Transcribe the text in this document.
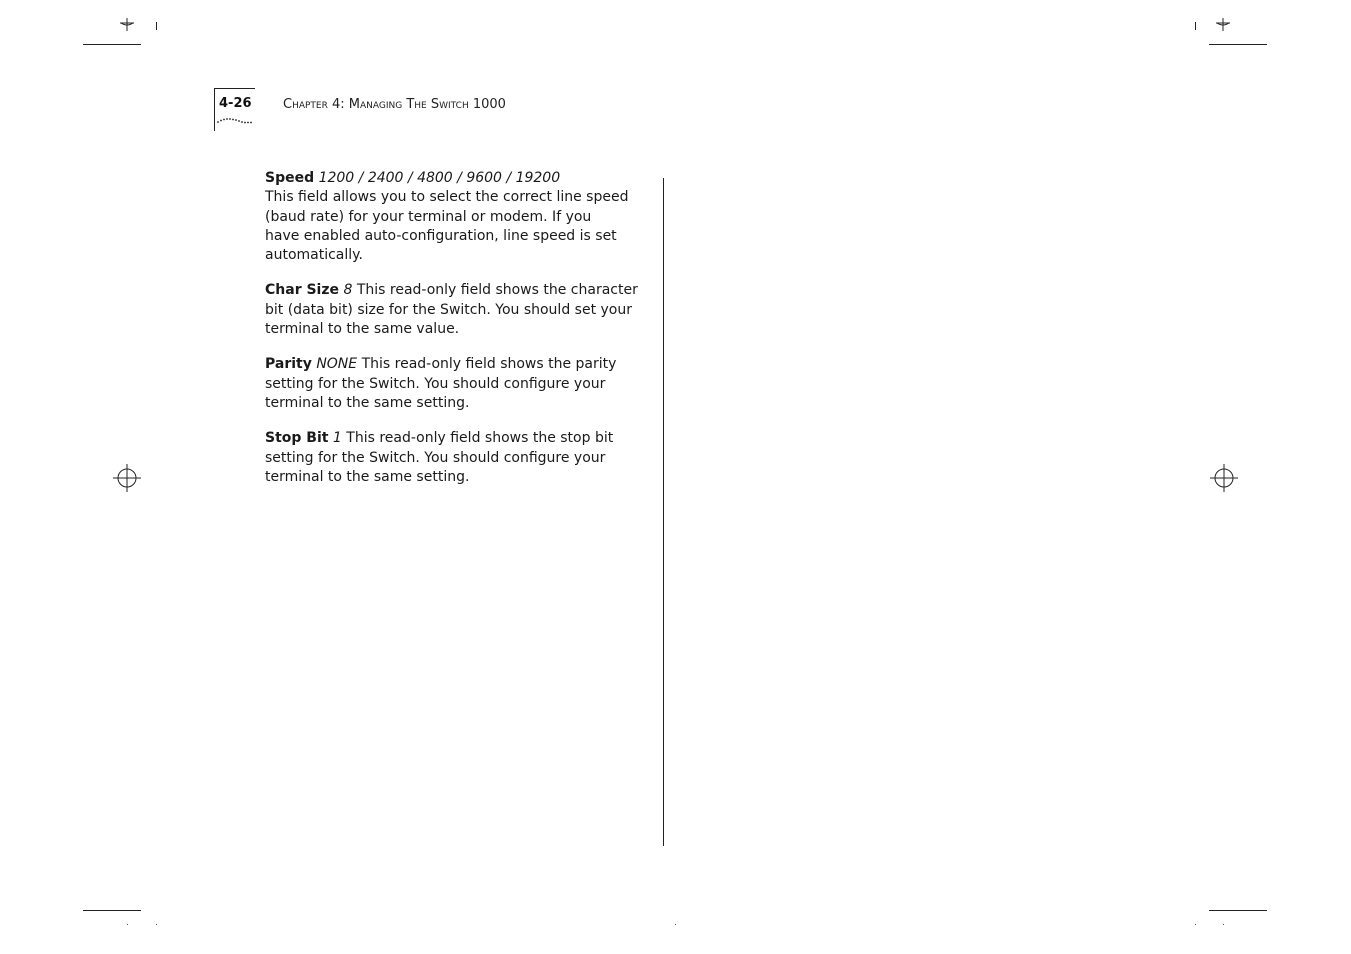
4-26 Chapter 4: Managing The Switch 1000

Speed 1200 / 2400 / 4800 / 9600 / 19200
This field allows you to select the correct line speed
(baud rate) for your terminal or modem. If you
have enabled auto-configuration, line speed is set
automatically.

Char Size 8 This read-only field shows the character
bit (data bit) size for the Switch. You should set your
terminal to the same value.

Parity NONE This read-only field shows the parity
setting for the Switch. You should configure your
terminal to the same setting.

Stop Bit 1 This read-only field shows the stop bit
setting for the Switch. You should configure your
terminal to the same setting.
